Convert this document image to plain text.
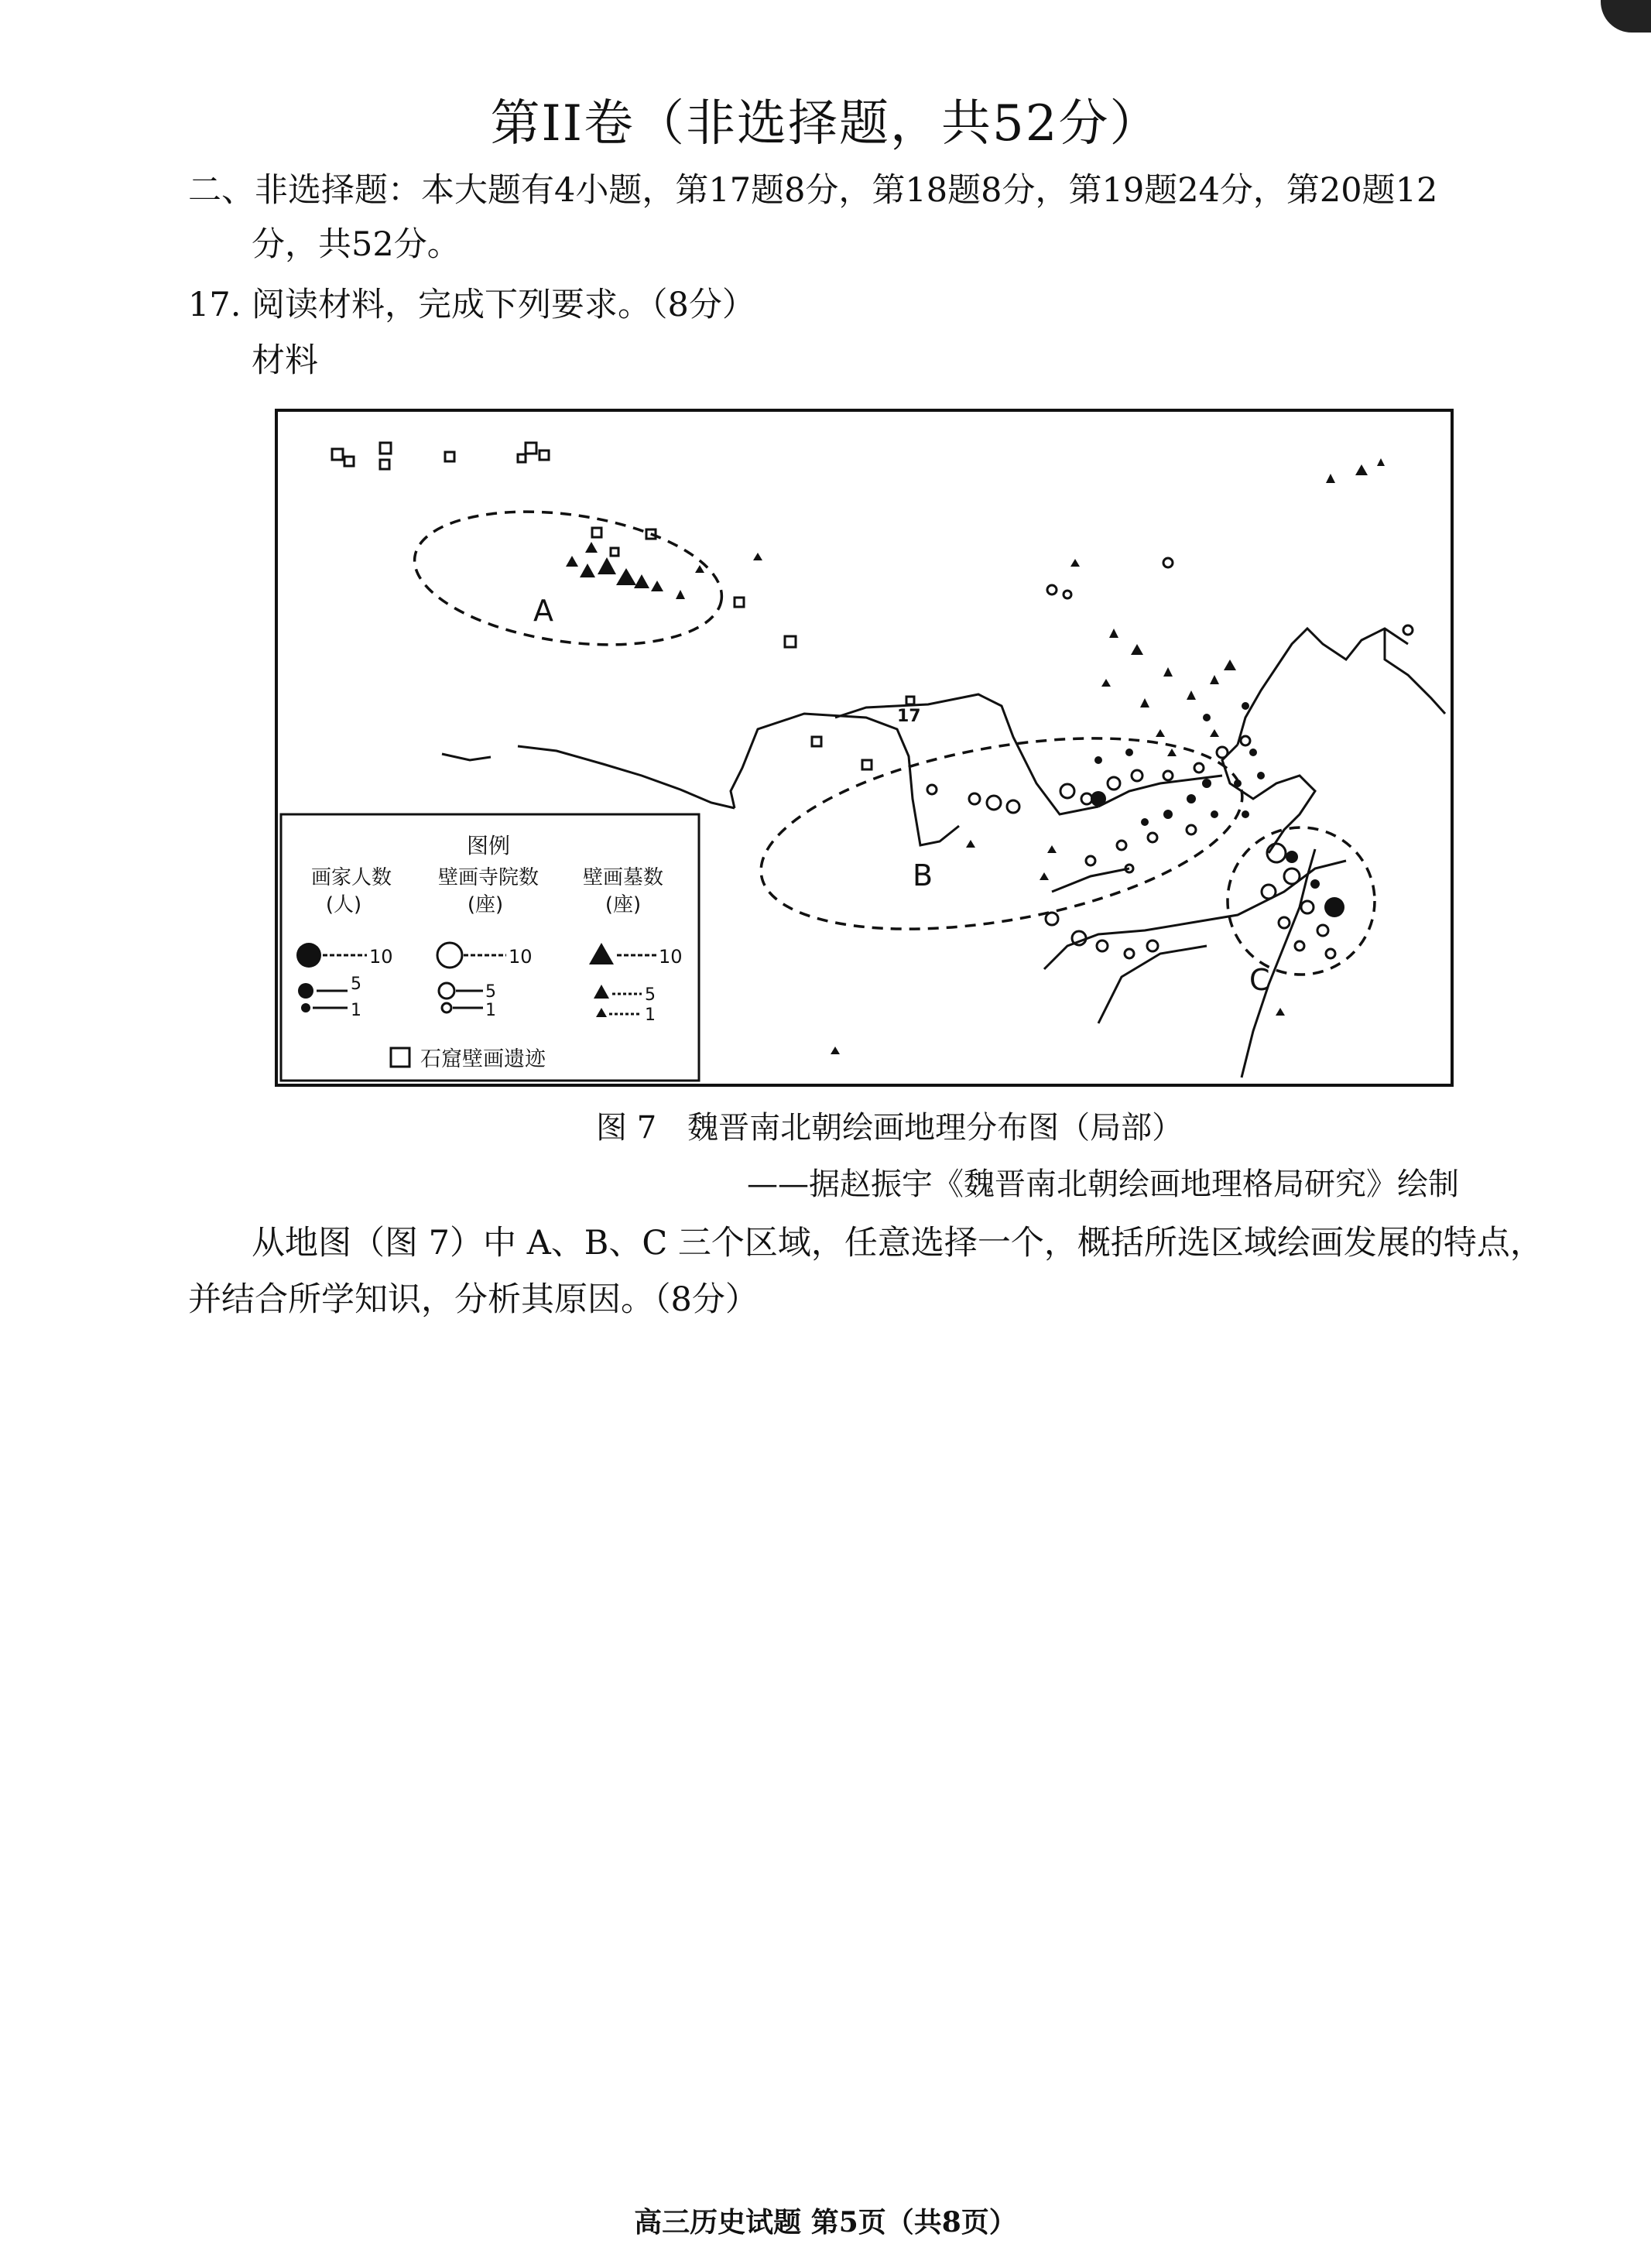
第II卷（非选择题，共52分）
二、非选择题：本大题有4小题，第17题8分，第18题8分，第19题24分，第20题12
分，共52分。
17. 阅读材料，完成下列要求。（8分）
材料
A
B
C
17
图例
画家人数
(人)
壁画寺院数
(座)
壁画墓数
(座)
10
5
1
10
5
1
10
5
1
石窟壁画遗迹
图 7　魏晋南北朝绘画地理分布图（局部）
——据赵振宇《魏晋南北朝绘画地理格局研究》绘制
从地图（图 7）中 A、B、C 三个区域，任意选择一个，概括所选区域绘画发展的特点，
并结合所学知识，分析其原因。（8分）
高三历史试题 第5页（共8页）
